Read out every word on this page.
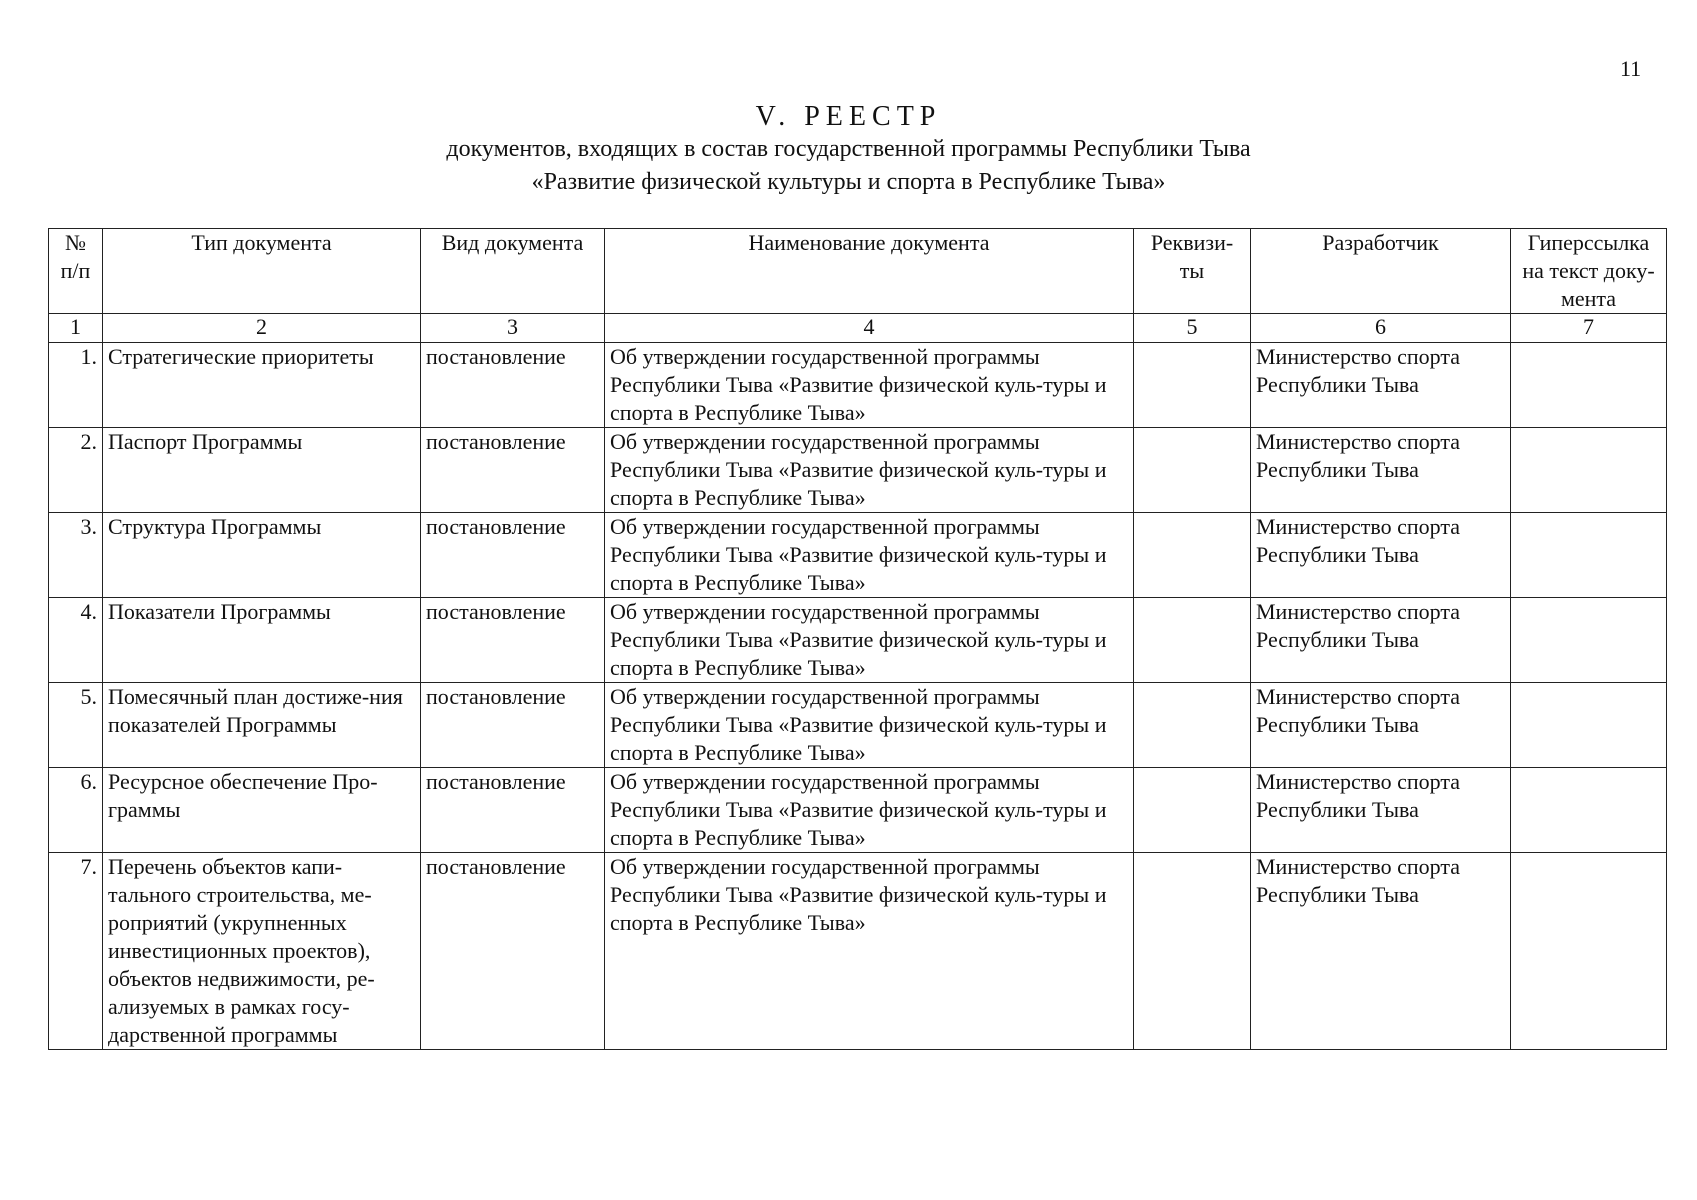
11
V. РЕЕСТР
документов, входящих в состав государственной программы Республики Тыва
«Развитие физической культуры и спорта в Республике Тыва»
№ п/п	Тип документа	Вид документа	Наименование документа	Реквизи-ты	Разработчик	Гиперссылка на текст доку-мента
1	2	3	4	5	6	7
1.	Стратегические приоритеты	постановление	Об утверждении государственной программы Республики Тыва «Развитие физической куль-туры и спорта в Республике Тыва»		Министерство спорта Республики Тыва	
2.	Паспорт Программы	постановление	Об утверждении государственной программы Республики Тыва «Развитие физической куль-туры и спорта в Республике Тыва»		Министерство спорта Республики Тыва	
3.	Структура Программы	постановление	Об утверждении государственной программы Республики Тыва «Развитие физической куль-туры и спорта в Республике Тыва»		Министерство спорта Республики Тыва	
4.	Показатели Программы	постановление	Об утверждении государственной программы Республики Тыва «Развитие физической куль-туры и спорта в Республике Тыва»		Министерство спорта Республики Тыва	
5.	Помесячный план достиже-ния показателей Программы	постановление	Об утверждении государственной программы Республики Тыва «Развитие физической куль-туры и спорта в Республике Тыва»		Министерство спорта Республики Тыва	
6.	Ресурсное обеспечение Про-граммы	постановление	Об утверждении государственной программы Республики Тыва «Развитие физической куль-туры и спорта в Республике Тыва»		Министерство спорта Республики Тыва	
7.	Перечень объектов капи-тального строительства, ме-роприятий (укрупненных инвестиционных проектов), объектов недвижимости, ре-ализуемых в рамках госу-дарственной программы	постановление	Об утверждении государственной программы Республики Тыва «Развитие физической куль-туры и спорта в Республике Тыва»		Министерство спорта Республики Тыва	
